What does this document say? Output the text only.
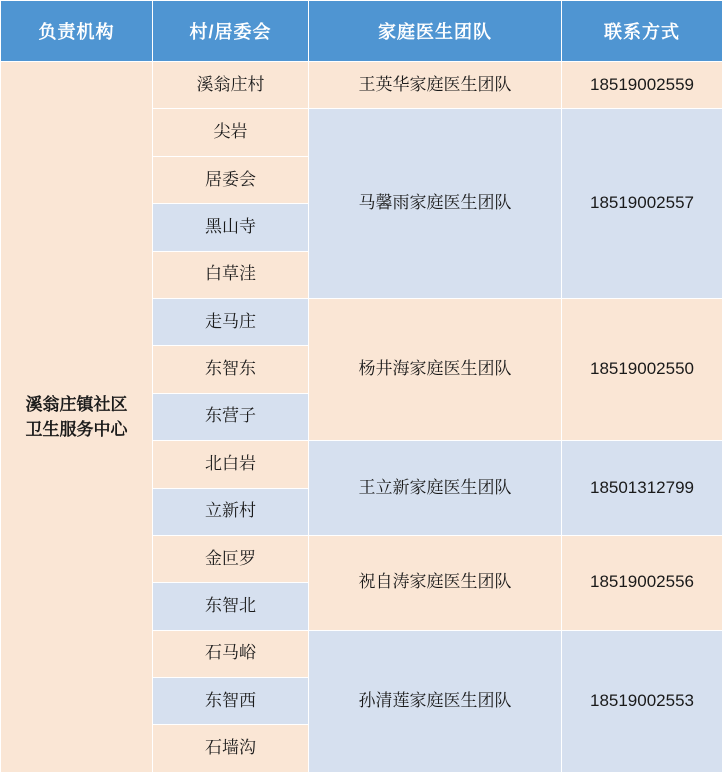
负责机构	村/居委会	家庭医生团队	联系方式

溪翁庄镇社区
卫生服务中心	溪翁庄村	王英华家庭医生团队	18519002559
	尖岩	马馨雨家庭医生团队	18519002557
	居委会		
	黑山寺		
	白草洼		
	走马庄	杨井海家庭医生团队	18519002550
	东智东		
	东营子		
	北白岩	王立新家庭医生团队	18501312799
	立新村		
	金叵罗	祝自涛家庭医生团队	18519002556
	东智北		
	石马峪	孙清莲家庭医生团队	18519002553
	东智西		
	石墙沟		
